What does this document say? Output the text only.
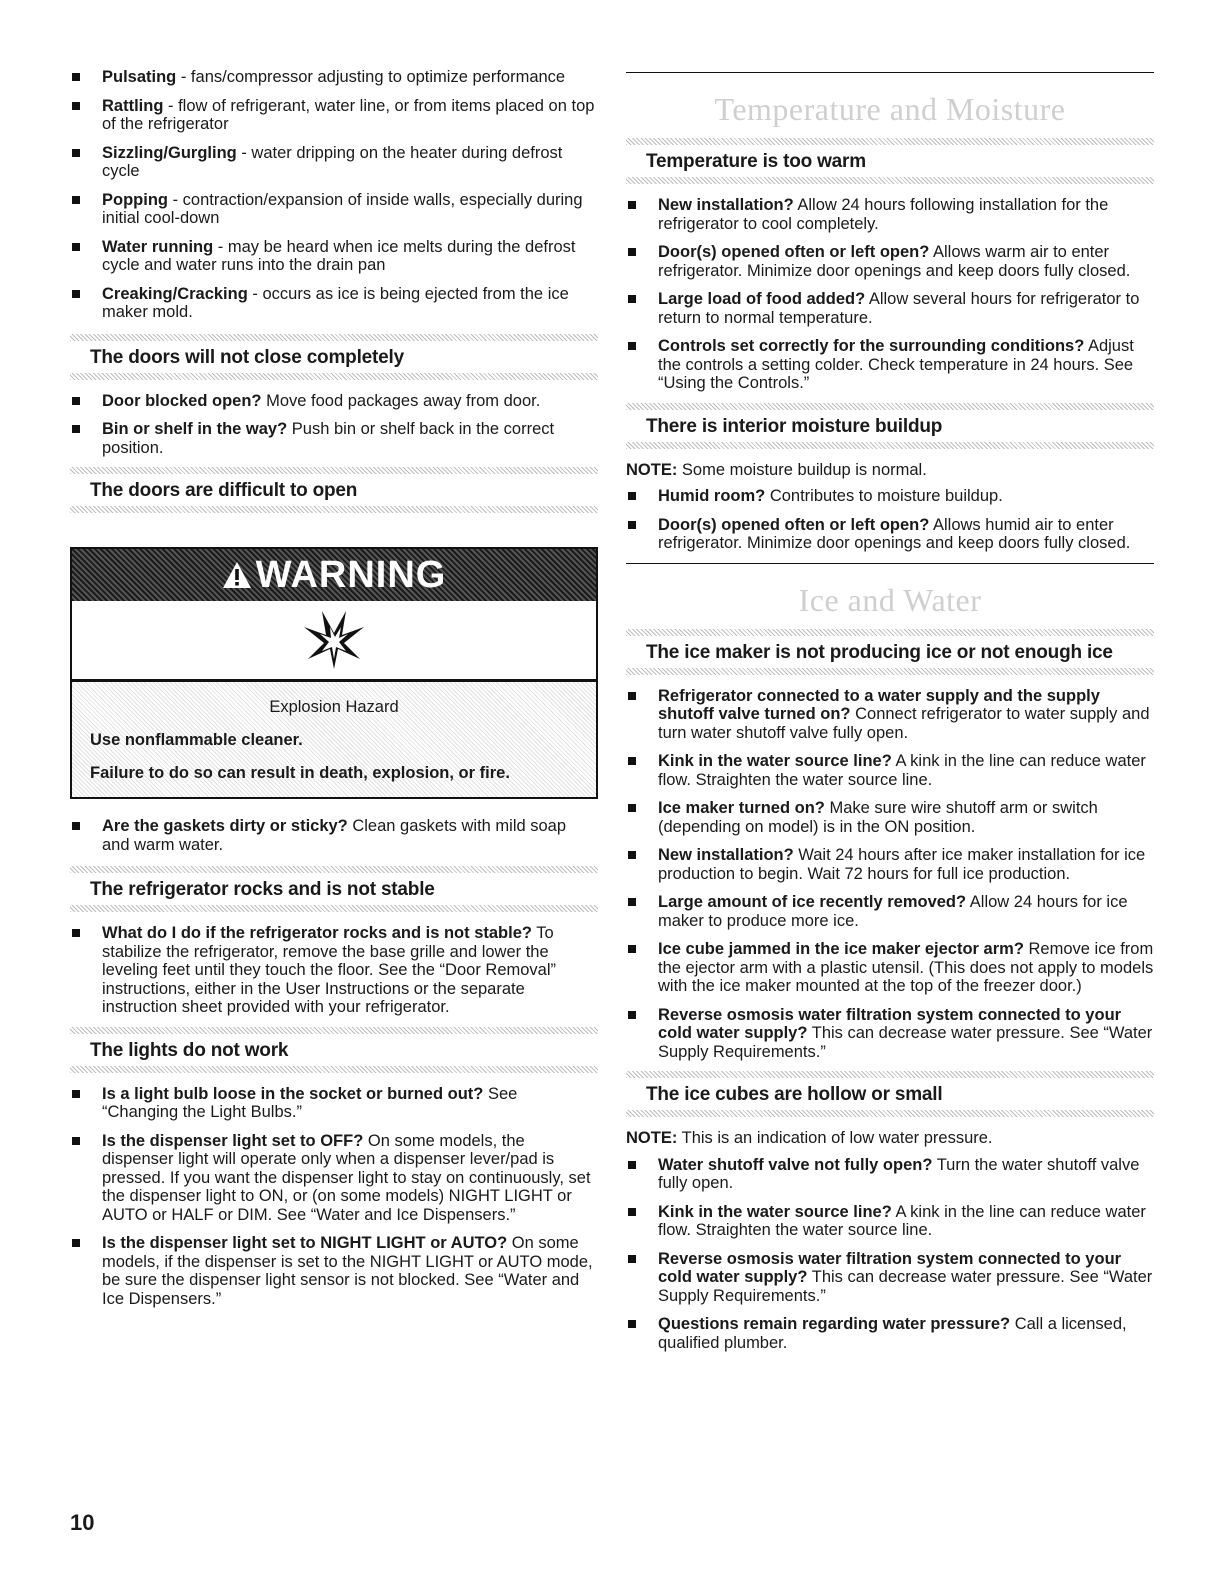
Pulsating - fans/compressor adjusting to optimize performance
Rattling - flow of refrigerant, water line, or from items placed on top of the refrigerator
Sizzling/Gurgling - water dripping on the heater during defrost cycle
Popping - contraction/expansion of inside walls, especially during initial cool-down
Water running - may be heard when ice melts during the defrost cycle and water runs into the drain pan
Creaking/Cracking - occurs as ice is being ejected from the ice maker mold.
The doors will not close completely
Door blocked open? Move food packages away from door.
Bin or shelf in the way? Push bin or shelf back in the correct position.
The doors are difficult to open
WARNING
Explosion Hazard
Use nonflammable cleaner.
Failure to do so can result in death, explosion, or fire.
Are the gaskets dirty or sticky? Clean gaskets with mild soap and warm water.
The refrigerator rocks and is not stable
What do I do if the refrigerator rocks and is not stable? To stabilize the refrigerator, remove the base grille and lower the leveling feet until they touch the floor. See the “Door Removal” instructions, either in the User Instructions or the separate instruction sheet provided with your refrigerator.
The lights do not work
Is a light bulb loose in the socket or burned out? See “Changing the Light Bulbs.”
Is the dispenser light set to OFF? On some models, the dispenser light will operate only when a dispenser lever/pad is pressed. If you want the dispenser light to stay on continuously, set the dispenser light to ON, or (on some models) NIGHT LIGHT or AUTO or HALF or DIM. See “Water and Ice Dispensers.”
Is the dispenser light set to NIGHT LIGHT or AUTO? On some models, if the dispenser is set to the NIGHT LIGHT or AUTO mode, be sure the dispenser light sensor is not blocked. See “Water and Ice Dispensers.”
Temperature and Moisture
Temperature is too warm
New installation? Allow 24 hours following installation for the refrigerator to cool completely.
Door(s) opened often or left open? Allows warm air to enter refrigerator. Minimize door openings and keep doors fully closed.
Large load of food added? Allow several hours for refrigerator to return to normal temperature.
Controls set correctly for the surrounding conditions? Adjust the controls a setting colder. Check temperature in 24 hours. See “Using the Controls.”
There is interior moisture buildup

NOTE: Some moisture buildup is normal.

Humid room? Contributes to moisture buildup.
Door(s) opened often or left open? Allows humid air to enter refrigerator. Minimize door openings and keep doors fully closed.
Ice and Water
The ice maker is not producing ice or not enough ice
Refrigerator connected to a water supply and the supply shutoff valve turned on? Connect refrigerator to water supply and turn water shutoff valve fully open.
Kink in the water source line? A kink in the line can reduce water flow. Straighten the water source line.
Ice maker turned on? Make sure wire shutoff arm or switch (depending on model) is in the ON position.
New installation? Wait 24 hours after ice maker installation for ice production to begin. Wait 72 hours for full ice production.
Large amount of ice recently removed? Allow 24 hours for ice maker to produce more ice.
Ice cube jammed in the ice maker ejector arm? Remove ice from the ejector arm with a plastic utensil. (This does not apply to models with the ice maker mounted at the top of the freezer door.)
Reverse osmosis water filtration system connected to your cold water supply? This can decrease water pressure. See “Water Supply Requirements.”
The ice cubes are hollow or small

NOTE: This is an indication of low water pressure.

Water shutoff valve not fully open? Turn the water shutoff valve fully open.
Kink in the water source line? A kink in the line can reduce water flow. Straighten the water source line.
Reverse osmosis water filtration system connected to your cold water supply? This can decrease water pressure. See “Water Supply Requirements.”
Questions remain regarding water pressure? Call a licensed, qualified plumber.
10
